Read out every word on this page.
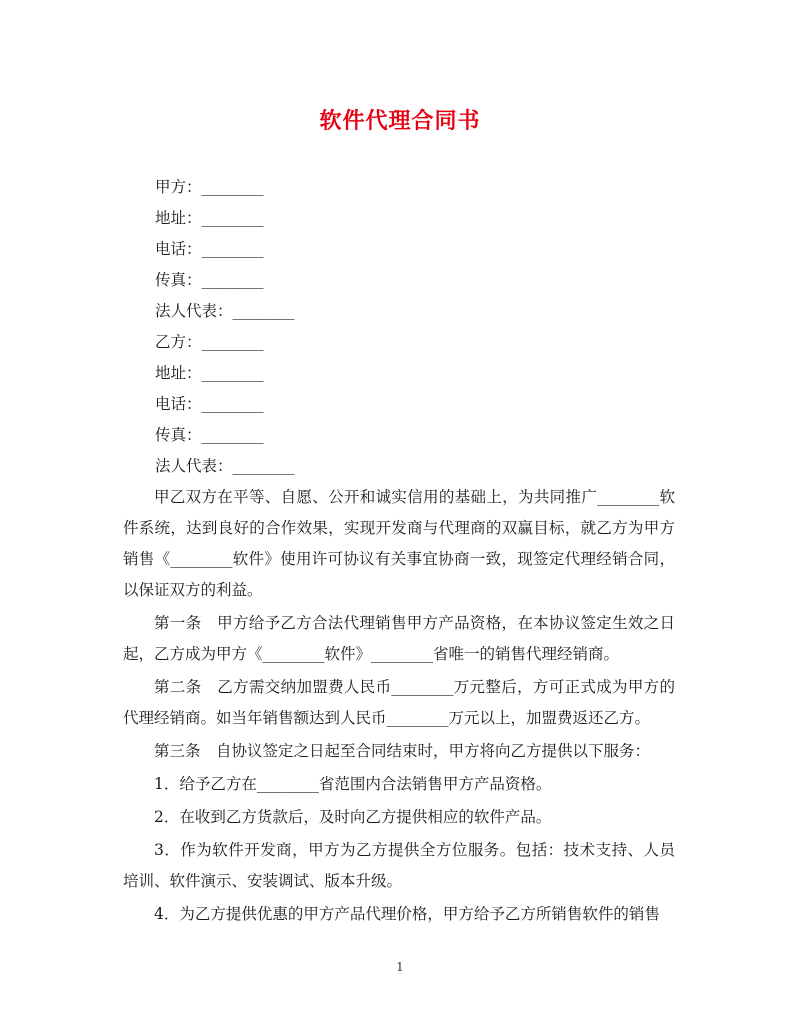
软件代理合同书
甲方：________
地址：________
电话：________
传真：________
法人代表：________
乙方：________
地址：________
电话：________
传真：________
法人代表：________

甲乙双方在平等、自愿、公开和诚实信用的基础上，为共同推广________软件系统，达到良好的合作效果，实现开发商与代理商的双赢目标，就乙方为甲方销售《________软件》使用许可协议有关事宜协商一致，现签定代理经销合同，以保证双方的利益。

第一条　甲方给予乙方合法代理销售甲方产品资格，在本协议签定生效之日起，乙方成为甲方《________软件》________省唯一的销售代理经销商。

第二条　乙方需交纳加盟费人民币________万元整后，方可正式成为甲方的代理经销商。如当年销售额达到人民币________万元以上，加盟费返还乙方。

第三条　自协议签定之日起至合同结束时，甲方将向乙方提供以下服务：

1．给予乙方在________省范围内合法销售甲方产品资格。

2．在收到乙方货款后，及时向乙方提供相应的软件产品。

3．作为软件开发商，甲方为乙方提供全方位服务。包括：技术支持、人员培训、软件演示、安装调试、版本升级。

4．为乙方提供优惠的甲方产品代理价格，甲方给予乙方所销售软件的销售

1
